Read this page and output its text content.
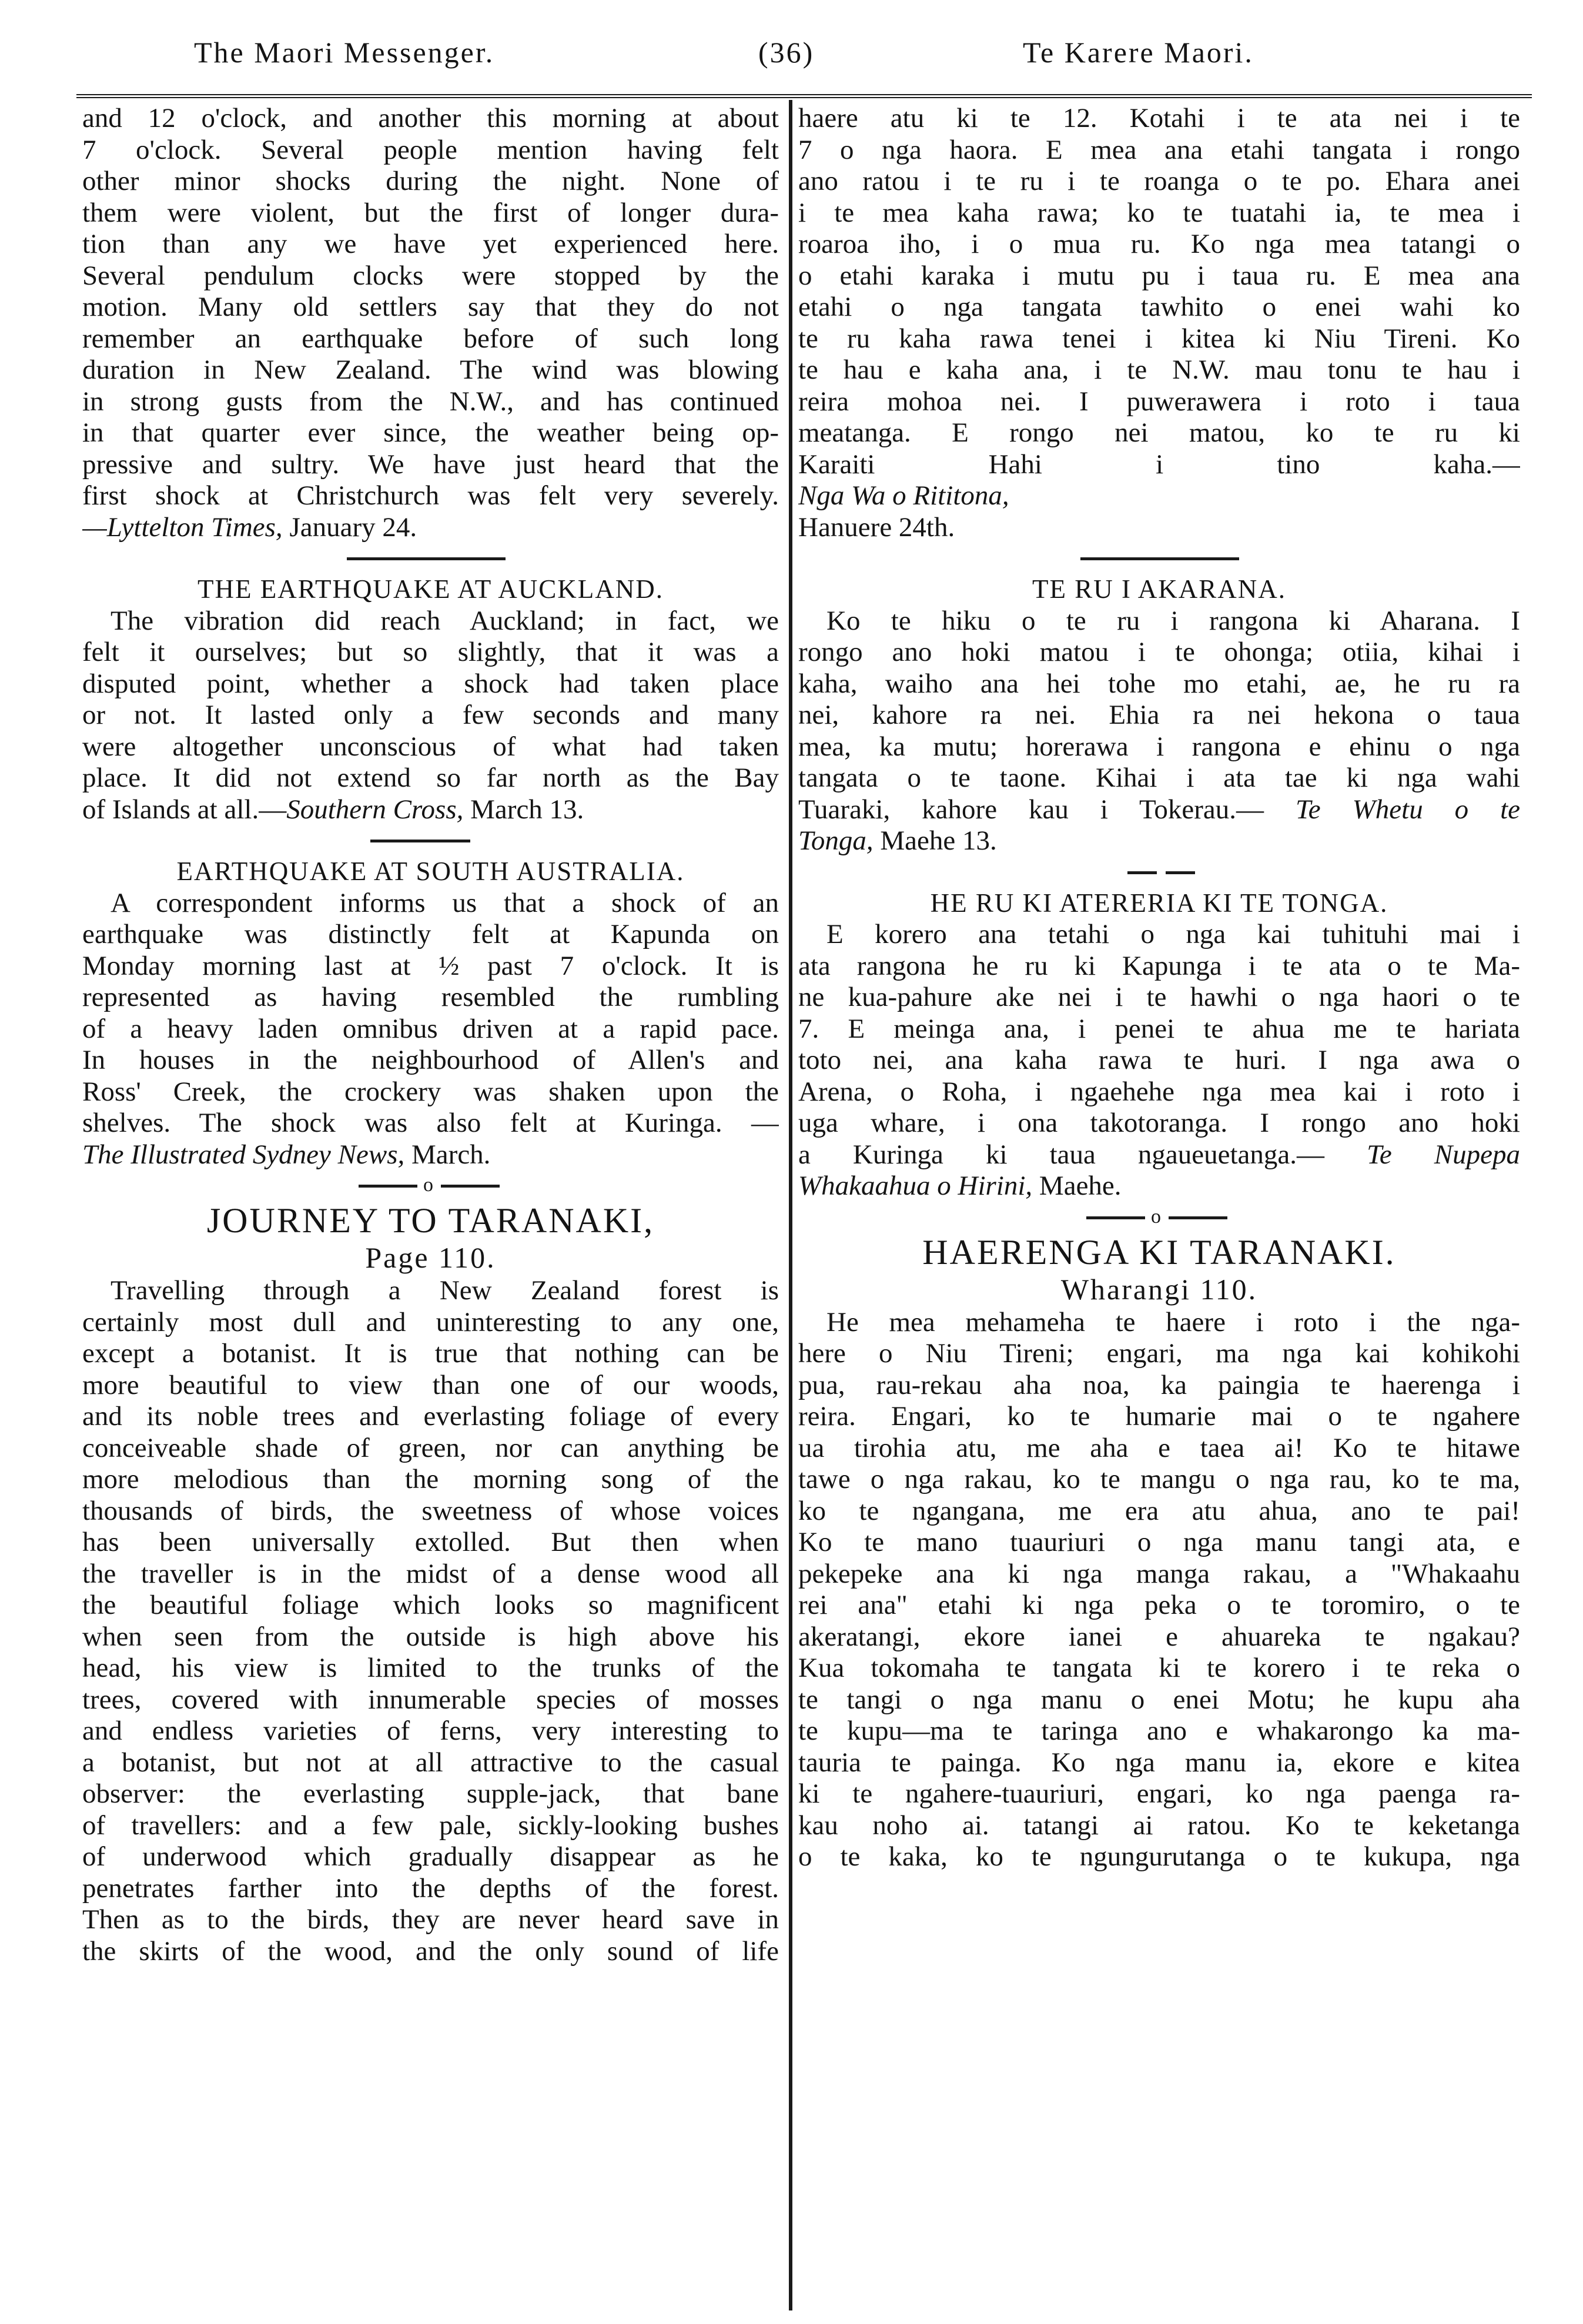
The Maori Messenger.	(36)	Te Karere Maori.
and 12 o'clock, and another this morning at about
7 o'clock. Several people mention having felt
other minor shocks during the night. None of
them were violent, but the first of longer dura-
tion than any we have yet experienced here.
Several pendulum clocks were stopped by the
motion. Many old settlers say that they do not
remember an earthquake before of such long
duration in New Zealand. The wind was blowing
in strong gusts from the N.W., and has continued
in that quarter ever since, the weather being op-
pressive and sultry. We have just heard that the
first shock at Christchurch was felt very severely.
—Lyttelton Times, January 24.
THE EARTHQUAKE AT AUCKLAND.
The vibration did reach Auckland; in fact, we
felt it ourselves; but so slightly, that it was a
disputed point, whether a shock had taken place
or not. It lasted only a few seconds and many
were altogether unconscious of what had taken
place. It did not extend so far north as the Bay
of Islands at all.—Southern Cross, March 13.
EARTHQUAKE AT SOUTH AUSTRALIA.
A correspondent informs us that a shock of an
earthquake was distinctly felt at Kapunda on
Monday morning last at ½ past 7 o'clock. It is
represented as having resembled the rumbling
of a heavy laden omnibus driven at a rapid pace.
In houses in the neighbourhood of Allen's and
Ross' Creek, the crockery was shaken upon the
shelves. The shock was also felt at Kuringa. —
The Illustrated Sydney News, March.
o
JOURNEY TO TARANAKI,
Page 110.
Travelling through a New Zealand forest is
certainly most dull and uninteresting to any one,
except a botanist. It is true that nothing can be
more beautiful to view than one of our woods,
and its noble trees and everlasting foliage of every
conceiveable shade of green, nor can anything be
more melodious than the morning song of the
thousands of birds, the sweetness of whose voices
has been universally extolled. But then when
the traveller is in the midst of a dense wood all
the beautiful foliage which looks so magnificent
when seen from the outside is high above his
head, his view is limited to the trunks of the
trees, covered with innumerable species of mosses
and endless varieties of ferns, very interesting to
a botanist, but not at all attractive to the casual
observer: the everlasting supple-jack, that bane
of travellers: and a few pale, sickly-looking bushes
of underwood which gradually disappear as he
penetrates farther into the depths of the forest.
Then as to the birds, they are never heard save in
the skirts of the wood, and the only sound of life
haere atu ki te 12. Kotahi i te ata nei i te
7 o nga haora. E mea ana etahi tangata i rongo
ano ratou i te ru i te roanga o te po. Ehara anei
i te mea kaha rawa; ko te tuatahi ia, te mea i
roaroa iho, i o mua ru. Ko nga mea tatangi o
o etahi karaka i mutu pu i taua ru. E mea ana
etahi o nga tangata tawhito o enei wahi ko
te ru kaha rawa tenei i kitea ki Niu Tireni. Ko
te hau e kaha ana, i te N.W. mau tonu te hau i
reira mohoa nei. I puwerawera i roto i taua
meatanga. E rongo nei matou, ko te ru ki
Karaiti Hahi i tino kaha.—
Nga Wa o Rititona,
Hanuere 24th.
TE RU I AKARANA.
Ko te hiku o te ru i rangona ki Aharana. I
rongo ano hoki matou i te ohonga; otiia, kihai i
kaha, waiho ana hei tohe mo etahi, ae, he ru ra
nei, kahore ra nei. Ehia ra nei hekona o taua
mea, ka mutu; horerawa i rangona e ehinu o nga
tangata o te taone. Kihai i ata tae ki nga wahi
Tuaraki, kahore kau i Tokerau.— Te Whetu o te
Tonga, Maehe 13.
HE RU KI ATERERIA KI TE TONGA.
E korero ana tetahi o nga kai tuhituhi mai i
ata rangona he ru ki Kapunga i te ata o te Ma-
ne kua-pahure ake nei i te hawhi o nga haori o te
7. E meinga ana, i penei te ahua me te hariata
toto nei, ana kaha rawa te huri. I nga awa o
Arena, o Roha, i ngaehehe nga mea kai i roto i
uga whare, i ona takotoranga. I rongo ano hoki
a Kuringa ki taua ngaueuetanga.— Te Nupepa
Whakaahua o Hirini, Maehe.
o
HAERENGA KI TARANAKI.
Wharangi 110.
He mea mehameha te haere i roto i the nga-
here o Niu Tireni; engari, ma nga kai kohikohi
pua, rau-rekau aha noa, ka paingia te haerenga i
reira. Engari, ko te humarie mai o te ngahere
ua tirohia atu, me aha e taea ai! Ko te hitawe
tawe o nga rakau, ko te mangu o nga rau, ko te ma,
ko te ngangana, me era atu ahua, ano te pai!
Ko te mano tuauriuri o nga manu tangi ata, e
pekepeke ana ki nga manga rakau, a "Whakaahu
rei ana" etahi ki nga peka o te toromiro, o te
akeratangi, ekore ianei e ahuareka te ngakau?
Kua tokomaha te tangata ki te korero i te reka o
te tangi o nga manu o enei Motu; he kupu aha
te kupu—ma te taringa ano e whakarongo ka ma-
tauria te painga. Ko nga manu ia, ekore e kitea
ki te ngahere-tuauriuri, engari, ko nga paenga ra-
kau noho ai. tatangi ai ratou. Ko te keketanga
o te kaka, ko te ngungurutanga o te kukupa, nga
